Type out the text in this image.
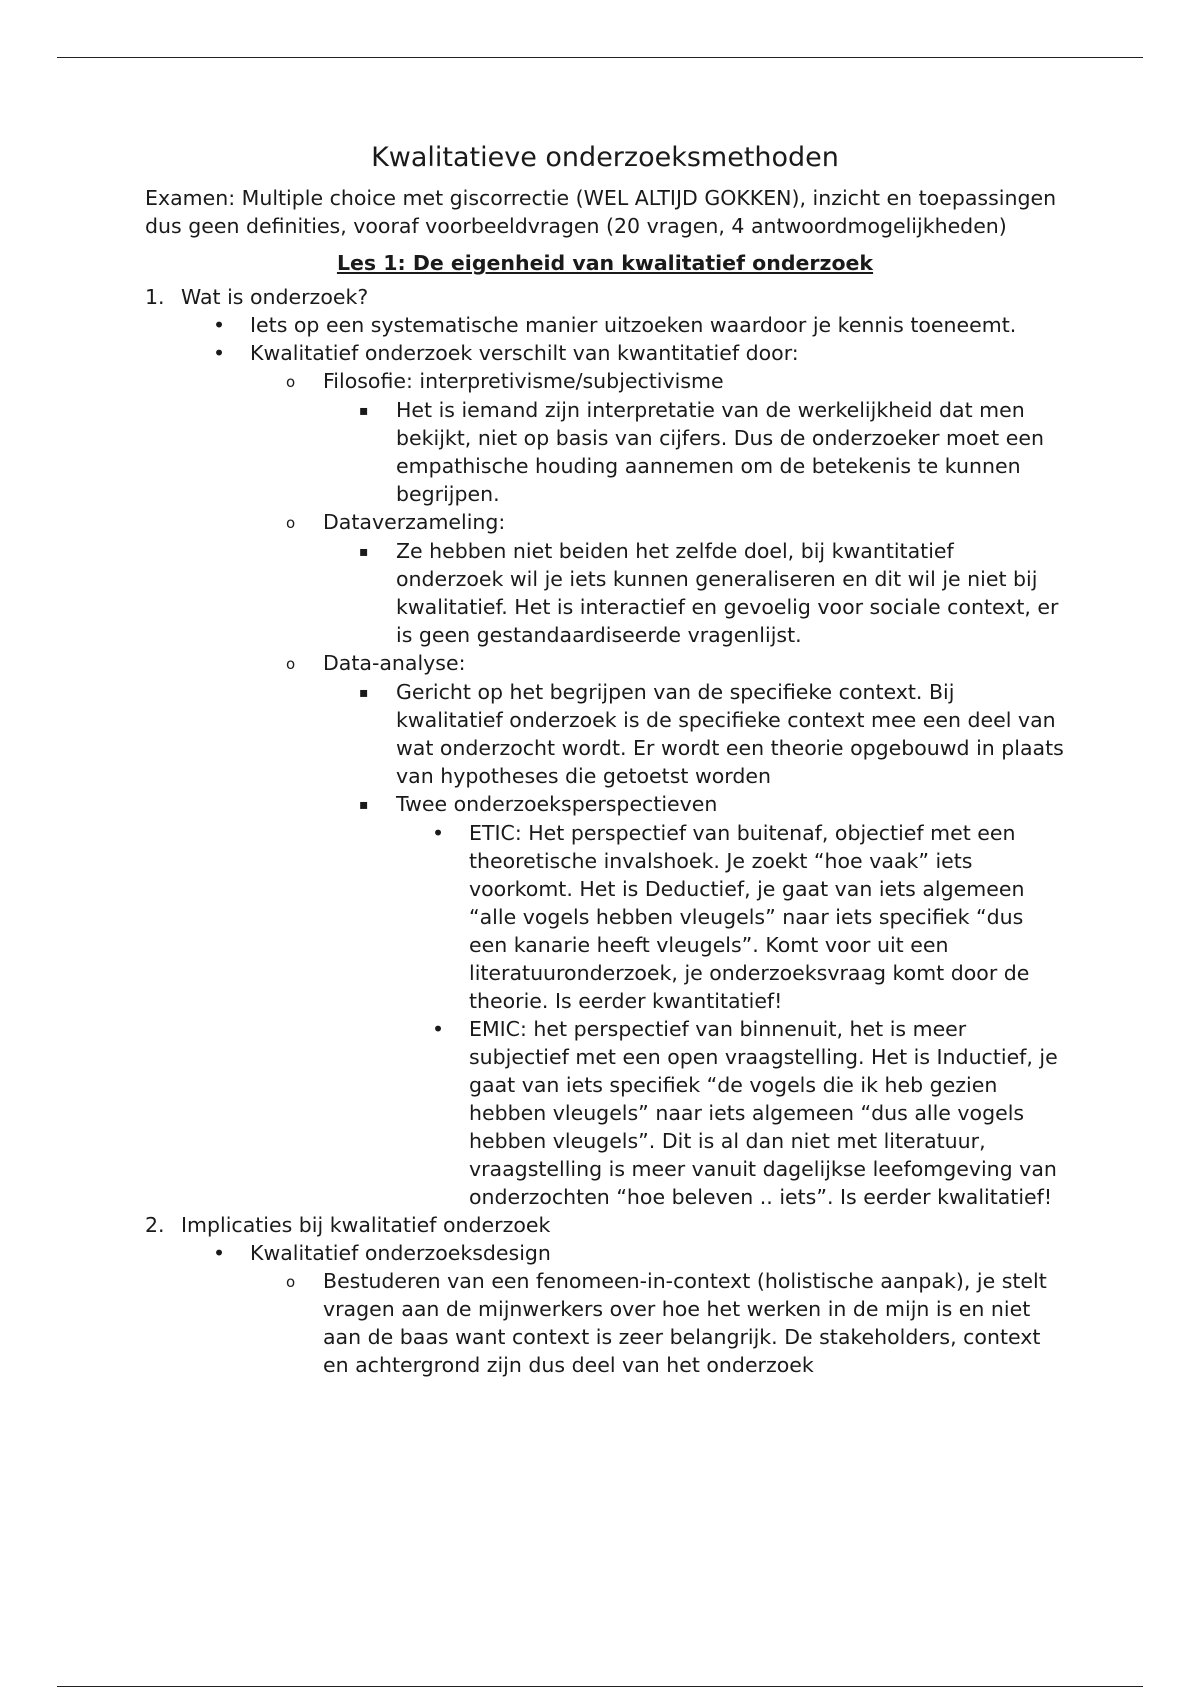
Kwalitatieve onderzoeksmethoden
Examen: Multiple choice met giscorrectie (WEL ALTIJD GOKKEN), inzicht en toepassingen dus geen definities, vooraf voorbeeldvragen (20 vragen, 4 antwoordmogelijkheden)
Les 1: De eigenheid van kwalitatief onderzoek
1. Wat is onderzoek?
•	Iets op een systematische manier uitzoeken waardoor je kennis toeneemt.
•	Kwalitatief onderzoek verschilt van kwantitatief door:
o	Filosofie: interpretivisme/subjectivisme
▪	Het is iemand zijn interpretatie van de werkelijkheid dat men bekijkt, niet op basis van cijfers. Dus de onderzoeker moet een empathische houding aannemen om de betekenis te kunnen begrijpen.
o	Dataverzameling:
▪	Ze hebben niet beiden het zelfde doel, bij kwantitatief onderzoek wil je iets kunnen generaliseren en dit wil je niet bij kwalitatief. Het is interactief en gevoelig voor sociale context, er is geen gestandaardiseerde vragenlijst.
o	Data-analyse:
▪	Gericht op het begrijpen van de specifieke context. Bij kwalitatief onderzoek is de specifieke context mee een deel van wat onderzocht wordt. Er wordt een theorie opgebouwd in plaats van hypotheses die getoetst worden
▪	Twee onderzoeksperspectieven
•	ETIC: Het perspectief van buitenaf, objectief met een theoretische invalshoek. Je zoekt “hoe vaak” iets voorkomt. Het is Deductief, je gaat van iets algemeen “alle vogels hebben vleugels” naar iets specifiek “dus een kanarie heeft vleugels”. Komt voor uit een literatuuronderzoek, je onderzoeksvraag komt door de theorie. Is eerder kwantitatief!
•	EMIC: het perspectief van binnenuit, het is meer subjectief met een open vraagstelling. Het is Inductief, je gaat van iets specifiek “de vogels die ik heb gezien hebben vleugels” naar iets algemeen “dus alle vogels hebben vleugels”. Dit is al dan niet met literatuur, vraagstelling is meer vanuit dagelijkse leefomgeving van onderzochten “hoe beleven .. iets”. Is eerder kwalitatief!
2. Implicaties bij kwalitatief onderzoek
•	Kwalitatief onderzoeksdesign
o	Bestuderen van een fenomeen-in-context (holistische aanpak), je stelt vragen aan de mijnwerkers over hoe het werken in de mijn is en niet aan de baas want context is zeer belangrijk. De stakeholders, context en achtergrond zijn dus deel van het onderzoek
